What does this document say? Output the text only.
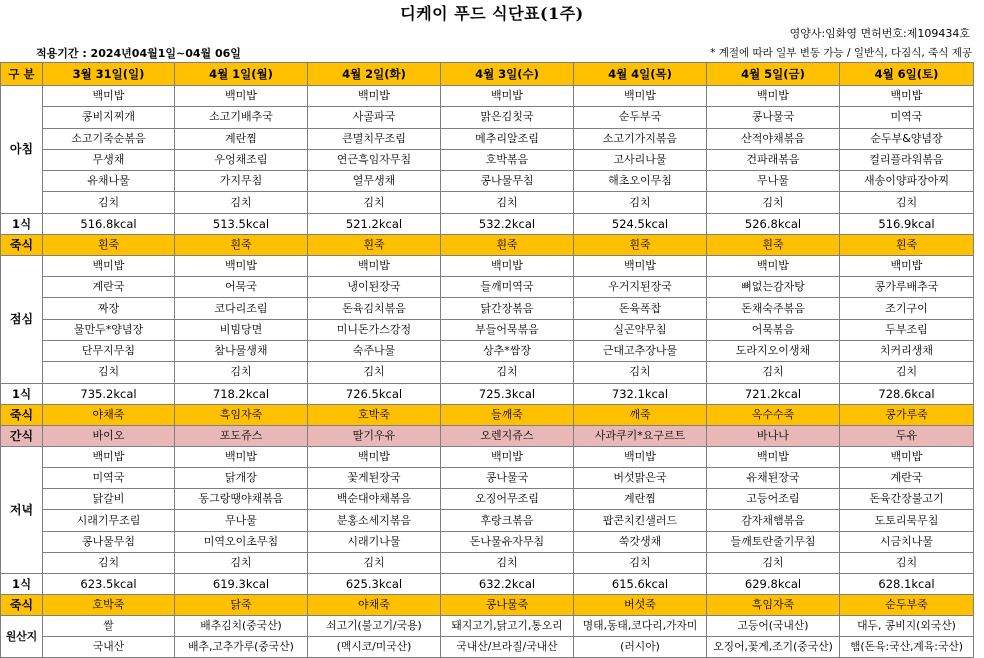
디케이 푸드 식단표(1주)
영양사:임화영 면허번호:제109434호
적용기간 : 2024년04월1일~04월 06일	* 계절에 따라 일부 변동 가능 / 일반식, 다짐식, 죽식 제공
구 분	3월 31일(일)	4월 1일(월)	4월 2일(화)	4월 3일(수)	4월 4일(목)	4월 5일(금)	4월 6일(토)
아침	백미밥	백미밥	백미밥	백미밥	백미밥	백미밥	백미밥
	콩비지찌개	소고기배추국	사골파국	맑은김칫국	순두부국	콩나물국	미역국
	소고기죽순볶음	계란찜	큰멸치무조림	메추리알조림	소고기가지볶음	산적야채볶음	순두부&양념장
	무생채	우엉채조림	연근흑임자무침	호박볶음	고사리나물	건파래볶음	컬리플라워볶음
	유채나물	가지무침	열무생채	콩나물무침	해초오이무침	무나물	새송이양파장아찌
	김치	김치	김치	김치	김치	김치	김치
1식	516.8kcal	513.5kcal	521.2kcal	532.2kcal	524.5kcal	526.8kcal	516.9kcal
죽식	흰죽	흰죽	흰죽	흰죽	흰죽	흰죽	흰죽
점심	백미밥	백미밥	백미밥	백미밥	백미밥	백미밥	백미밥
	계란국	어묵국	냉이된장국	들깨미역국	우거지된장국	뼈없는감자탕	콩가루배추국
	짜장	코다리조림	돈육김치볶음	닭간장볶음	돈육폭찹	돈채숙주볶음	조기구이
	물만두*양념장	비빔당면	미니돈가스강정	부들어묵볶음	실곤약무침	어묵볶음	두부조림
	단무지무침	참나물생채	숙주나물	상추*쌈장	근대고추장나물	도라지오이생채	치커리생채
	김치	김치	김치	김치	김치	김치	김치
1식	735.2kcal	718.2kcal	726.5kcal	725.3kcal	732.1kcal	721.2kcal	728.6kcal
죽식	야채죽	흑임자죽	호박죽	들깨죽	깨죽	옥수수죽	콩가루죽
간식	바이오	포도쥬스	딸기우유	오렌지쥬스	사과쿠키*요구르트	바나나	두유
저녁	백미밥	백미밥	백미밥	백미밥	백미밥	백미밥	백미밥
	미역국	닭개장	꽃게된장국	콩나물국	버섯맑은국	유채된장국	계란국
	닭갈비	동그랑땡야채볶음	백순대야채볶음	오징어무조림	계란찜	고등어조림	돈육간장불고기
	시래기무조림	무나물	분홍소세지볶음	후랑크볶음	팝콘치킨샐러드	감자채햄볶음	도토리묵무침
	콩나물무침	미역오이초무침	시래기나물	돈나물유자무침	쑥갓생채	들깨토란줄기무침	시금치나물
	김치	김치	김치	김치	김치	김치	김치
1식	623.5kcal	619.3kcal	625.3kcal	632.2kcal	615.6kcal	629.8kcal	628.1kcal
죽식	호박죽	닭죽	야채죽	콩나물죽	버섯죽	흑임자죽	순두부죽
원산지	쌀	배추김치(중국산)	쇠고기(불고기/국용)	돼지고기,닭고기,통오리	명태,동태,코다리,가자미	고등어(국내산)	대두, 콩비지(외국산)
	국내산	배추,고추가루(중국산)	(멕시코/미국산)	국내산/브라질/국내산	(러시아)	오징어,꽃게,조기(중국산)	햄(돈육:국산,계육:국산)
